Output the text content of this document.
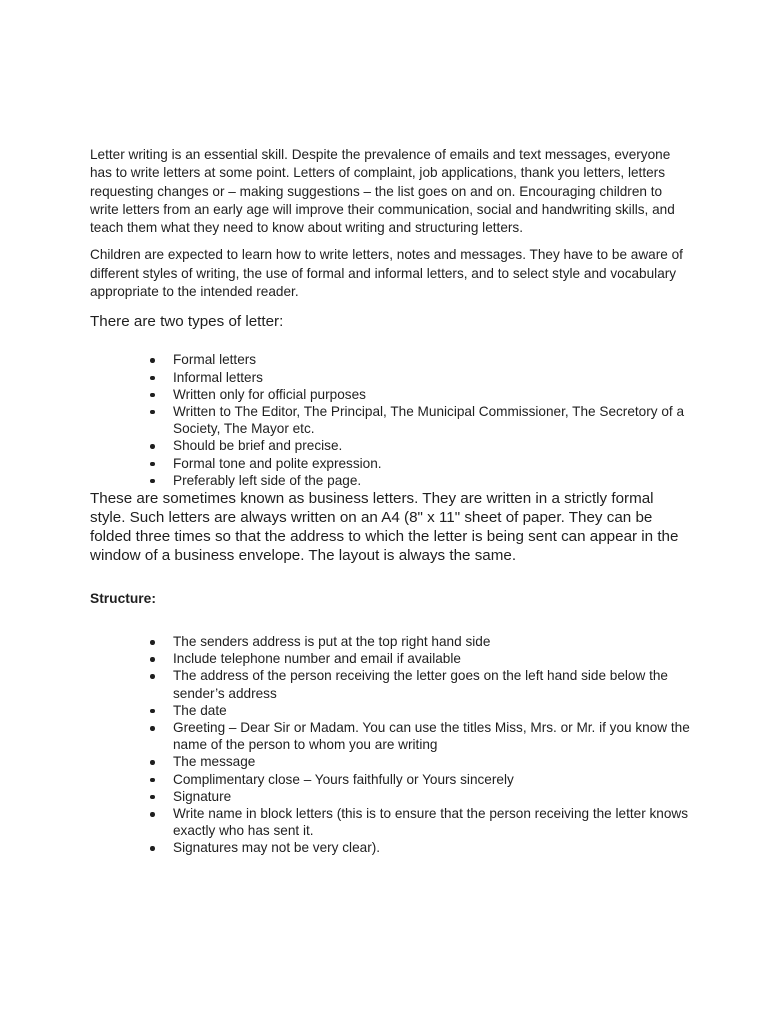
Letter writing is an essential skill. Despite the prevalence of emails and text messages, everyone has to write letters at some point. Letters of complaint, job applications, thank you letters, letters requesting changes or – making suggestions – the list goes on and on. Encouraging children to write letters from an early age will improve their communication, social and handwriting skills, and teach them what they need to know about writing and structuring letters.

Children are expected to learn how to write letters, notes and messages. They have to be aware of different styles of writing, the use of formal and informal letters, and to select style and vocabulary appropriate to the intended reader.

There are two types of letter:

Formal letters
Informal letters
Written only for official purposes
Written to The Editor, The Principal, The Municipal Commissioner, The Secretory of a Society, The Mayor etc.
Should be brief and precise.
Formal tone and polite expression.
Preferably left side of the page.

These are sometimes known as business letters. They are written in a strictly formal style. Such letters are always written on an A4 (8" x 11" sheet of paper. They can be folded three times so that the address to which the letter is being sent can appear in the window of a business envelope. The layout is always the same.

Structure:

The senders address is put at the top right hand side
Include telephone number and email if available
The address of the person receiving the letter goes on the left hand side below the sender’s address
The date
Greeting – Dear Sir or Madam. You can use the titles Miss, Mrs. or Mr. if you know the name of the person to whom you are writing
The message
Complimentary close – Yours faithfully or Yours sincerely
Signature
Write name in block letters (this is to ensure that the person receiving the letter knows exactly who has sent it.
Signatures may not be very clear).
